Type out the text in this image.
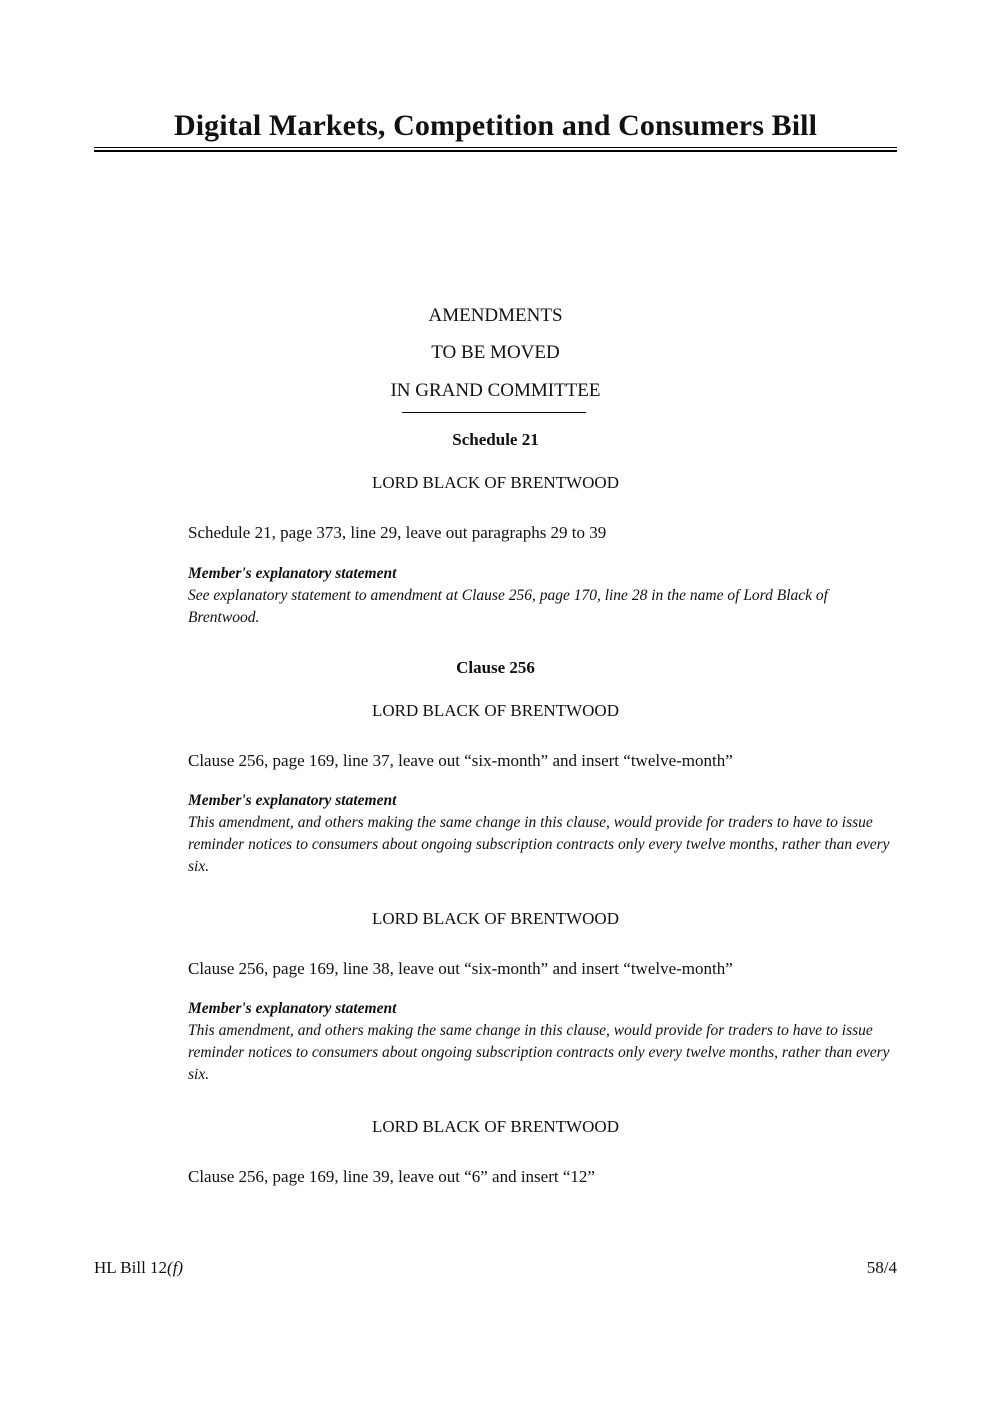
Digital Markets, Competition and Consumers Bill
AMENDMENTS
TO BE MOVED
IN GRAND COMMITTEE
Schedule 21
LORD BLACK OF BRENTWOOD
Schedule 21, page 373, line 29, leave out paragraphs 29 to 39
Member's explanatory statement
See explanatory statement to amendment at Clause 256, page 170, line 28 in the name of Lord Black of Brentwood.
Clause 256
LORD BLACK OF BRENTWOOD
Clause 256, page 169, line 37, leave out “six-month” and insert “twelve-month”
Member's explanatory statement
This amendment, and others making the same change in this clause, would provide for traders to have to issue reminder notices to consumers about ongoing subscription contracts only every twelve months, rather than every six.
LORD BLACK OF BRENTWOOD
Clause 256, page 169, line 38, leave out “six-month” and insert “twelve-month”
Member's explanatory statement
This amendment, and others making the same change in this clause, would provide for traders to have to issue reminder notices to consumers about ongoing subscription contracts only every twelve months, rather than every six.
LORD BLACK OF BRENTWOOD
Clause 256, page 169, line 39, leave out “6” and insert “12”
HL Bill 12(f)	58/4
